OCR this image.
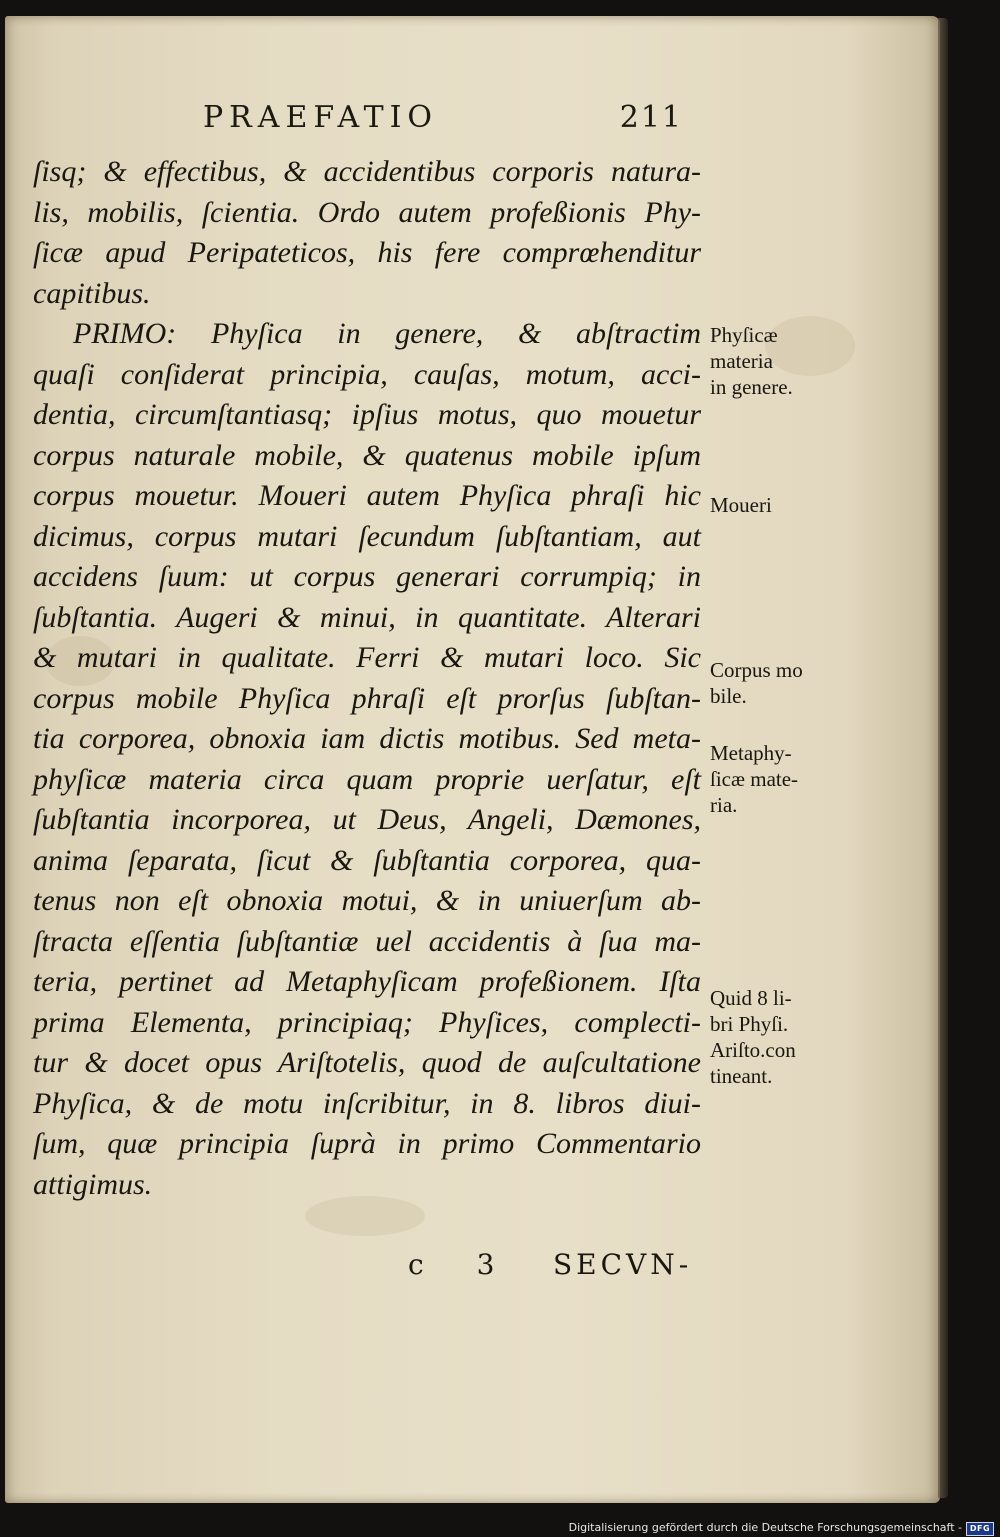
PRAEFATIO	211
ſisq; & effectibus, & accidentibus corporis natura-
lis, mobilis, ſcientia. Ordo autem profeßionis Phy-
ſicæ apud Peripateticos, his fere comprœhenditur
capitibus.
PRIMO: Phyſica in genere, & abſtractim
quaſi conſiderat principia, cauſas, motum, acci-
dentia, circumſtantiasq; ipſius motus, quo mouetur
corpus naturale mobile, & quatenus mobile ipſum
corpus mouetur. Moueri autem Phyſica phraſi hic
dicimus, corpus mutari ſecundum ſubſtantiam, aut
accidens ſuum: ut corpus generari corrumpiq; in
ſubſtantia. Augeri & minui, in quantitate. Alterari
& mutari in qualitate. Ferri & mutari loco. Sic
corpus mobile Phyſica phraſi eſt prorſus ſubſtan-
tia corporea, obnoxia iam dictis motibus. Sed meta-
phyſicæ materia circa quam proprie uerſatur, eſt
ſubſtantia incorporea, ut Deus, Angeli, Dæmones,
anima ſeparata, ſicut & ſubſtantia corporea, qua-
tenus non eſt obnoxia motui, & in uniuerſum ab-
ſtracta eſſentia ſubſtantiæ uel accidentis à ſua ma-
teria, pertinet ad Metaphyſicam profeßionem. Iſta
prima Elementa, principiaq; Phyſices, complecti-
tur & docet opus Ariſtotelis, quod de auſcultatione
Phyſica, & de motu inſcribitur, in 8. libros diui-
ſum, quæ principia ſuprà in primo Commentario
attigimus.
Phyſicæ
materia
in genere.
Moueri
Corpus mo
bile.
Metaphy-
ſicæ mate-
ria.
Quid 8 li-
bri Phyſi.
Ariſto.con
tineant.
c 3 SECVN-
Digitalisierung gefördert durch die Deutsche Forschungsgemeinschaft - DFG
